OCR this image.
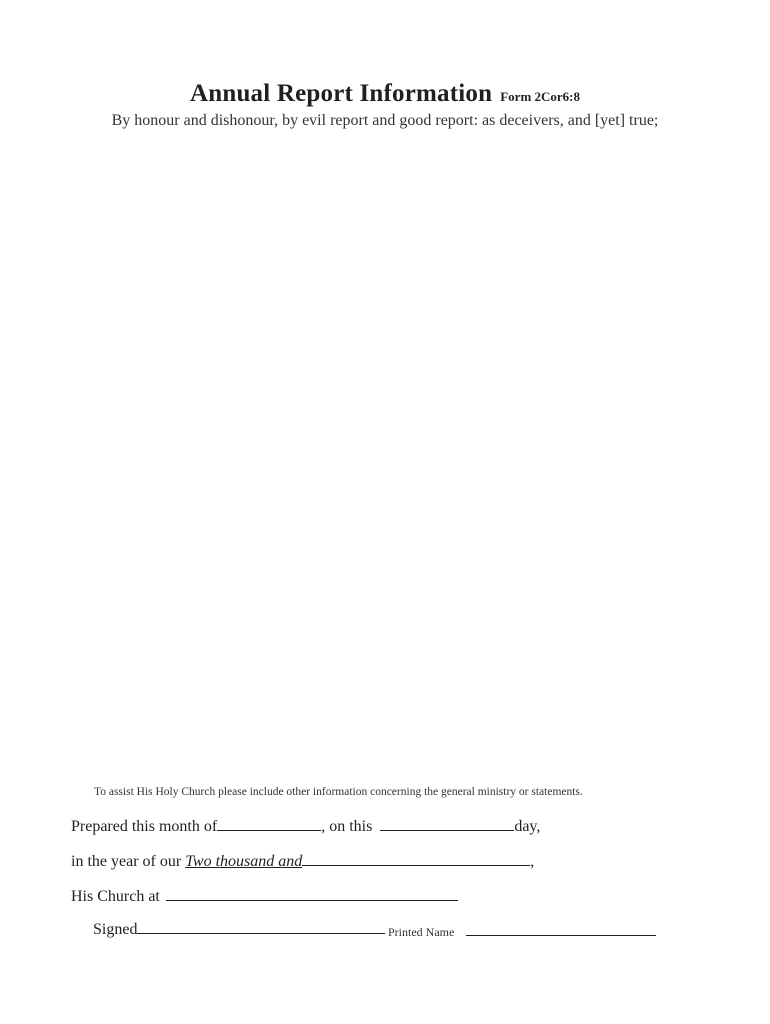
Annual Report Information Form 2Cor6:8
By honour and dishonour, by evil report and good report: as deceivers, and [yet] true;
To assist His Holy Church please include other information concerning the general ministry or statements.
Prepared this month of	, on this	day,
in the year of our Two thousand and	,
His Church at
Signed	Printed Name
